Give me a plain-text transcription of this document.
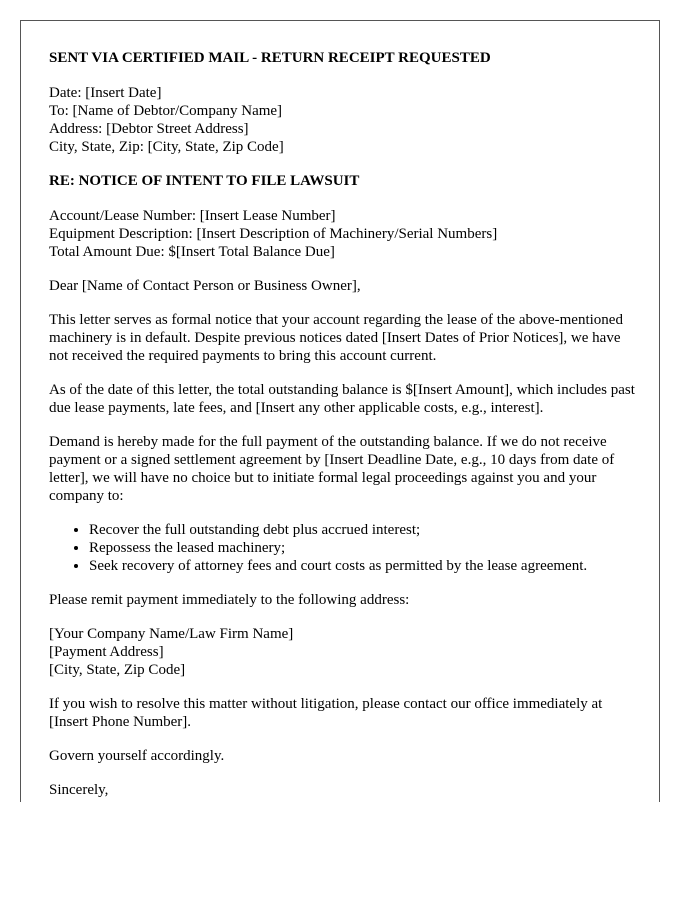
SENT VIA CERTIFIED MAIL - RETURN RECEIPT REQUESTED
Date: [Insert Date]
To: [Name of Debtor/Company Name]
Address: [Debtor Street Address]
City, State, Zip: [City, State, Zip Code]
RE: NOTICE OF INTENT TO FILE LAWSUIT
Account/Lease Number: [Insert Lease Number]
Equipment Description: [Insert Description of Machinery/Serial Numbers]
Total Amount Due: $[Insert Total Balance Due]

Dear [Name of Contact Person or Business Owner],

This letter serves as formal notice that your account regarding the lease of the above-mentioned machinery is in default. Despite previous notices dated [Insert Dates of Prior Notices], we have not received the required payments to bring this account current.

As of the date of this letter, the total outstanding balance is $[Insert Amount], which includes past due lease payments, late fees, and [Insert any other applicable costs, e.g., interest].

Demand is hereby made for the full payment of the outstanding balance. If we do not receive payment or a signed settlement agreement by [Insert Deadline Date, e.g., 10 days from date of letter], we will have no choice but to initiate formal legal proceedings against you and your company to:

• Recover the full outstanding debt plus accrued interest;
• Repossess the leased machinery;
• Seek recovery of attorney fees and court costs as permitted by the lease agreement.

Please remit payment immediately to the following address:

[Your Company Name/Law Firm Name]
[Payment Address]
[City, State, Zip Code]

If you wish to resolve this matter without litigation, please contact our office immediately at [Insert Phone Number].

Govern yourself accordingly.

Sincerely,
